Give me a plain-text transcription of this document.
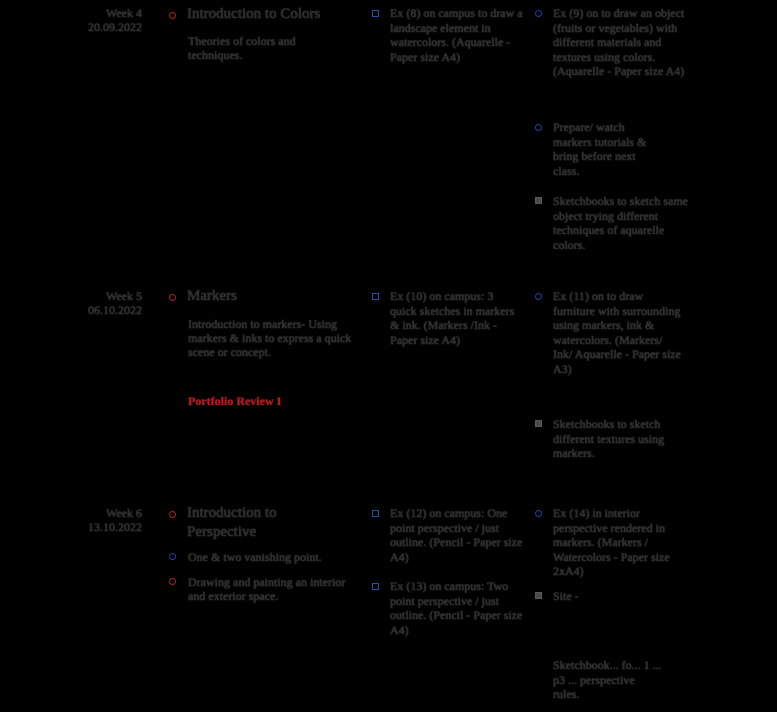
Week 4
20.09.2022
Introduction to Colors
Theories of colors and techniques.
Ex (8) on campus to draw a landscape element in watercolors. (Aquarelle - Paper size A4)
Ex (9) on to draw an object (fruits or vegetables) with different materials and textures using colors. (Aquarelle - Paper size A4)
Prepare/ watch markers tutorials & bring before next class.
Sketchbooks to sketch same object trying different techniques of aquarelle colors.
Week 5
06.10.2022
Markers
Introduction to markers- Using markers & inks to express a quick scene or concept.
Portfolio Review I
Ex (10) on campus: 3 quick sketches in markers & ink. (Markers /Ink - Paper size A4)
Ex (11) on to draw furniture with surrounding using markers, ink & watercolors. (Markers/ Ink/ Aquarelle - Paper size A3)
Sketchbooks to sketch different textures using markers.
Week 6
13.10.2022
Introduction to Perspective
One & two vanishing point.
Drawing and painting an interior and exterior space.
Ex (12) on campus: One point perspective / just outline. (Pencil - Paper size A4)
Ex (13) on campus: Two point perspective / just outline. (Pencil - Paper size A4)
Ex (14) in interior perspective rendered in markers. (Markers / Watercolors - Paper size 2xA4)
Site -
Sketchbook... fo... 1 ... p3 ... perspective rules.
